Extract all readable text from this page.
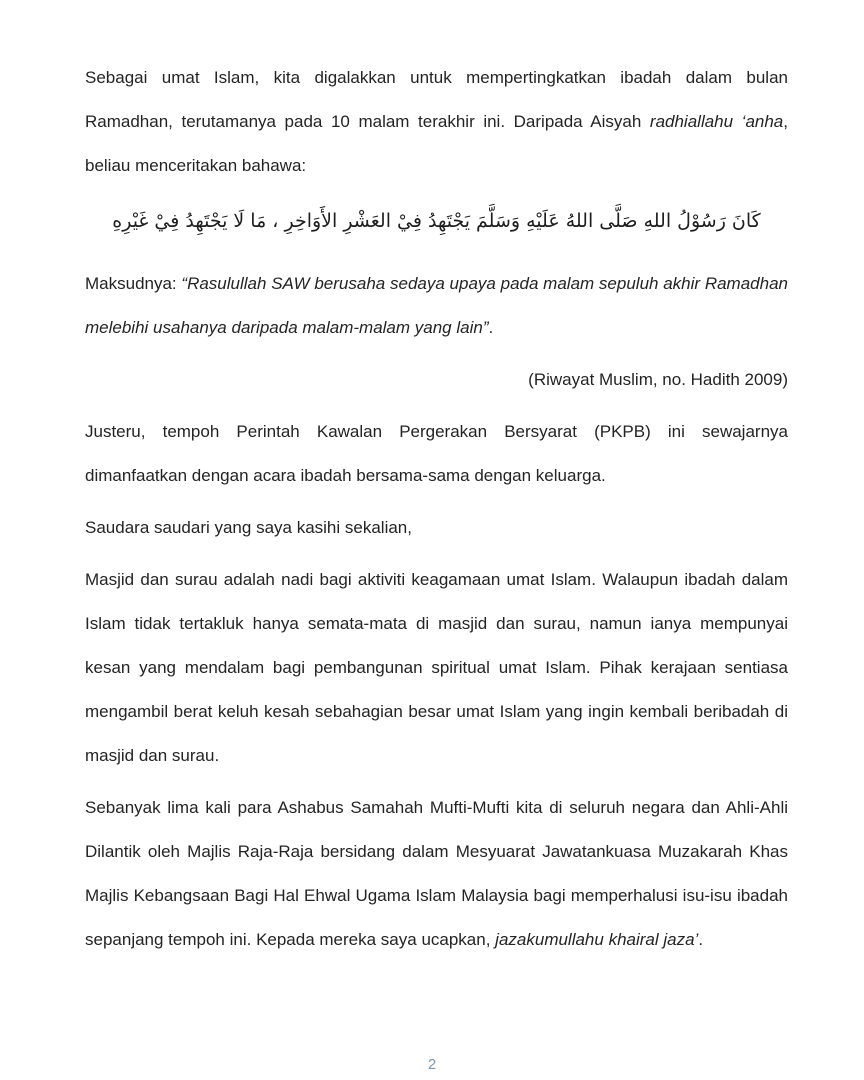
Sebagai umat Islam, kita digalakkan untuk mempertingkatkan ibadah dalam bulan Ramadhan, terutamanya pada 10 malam terakhir ini. Daripada Aisyah radhiallahu ‘anha, beliau menceritakan bahawa:

كَانَ رَسُوْلُ اللهِ صَلَّى اللهُ عَلَيْهِ وَسَلَّمَ يَجْتَهِدُ فِيْ العَشْرِ الأَوَاخِرِ ، مَا لَا يَجْتَهِدُ فِيْ غَيْرِهِ

Maksudnya: “Rasulullah SAW berusaha sedaya upaya pada malam sepuluh akhir Ramadhan melebihi usahanya daripada malam-malam yang lain”.

(Riwayat Muslim, no. Hadith 2009)

Justeru, tempoh Perintah Kawalan Pergerakan Bersyarat (PKPB) ini sewajarnya dimanfaatkan dengan acara ibadah bersama-sama dengan keluarga.

Saudara saudari yang saya kasihi sekalian,

Masjid dan surau adalah nadi bagi aktiviti keagamaan umat Islam. Walaupun ibadah dalam Islam tidak tertakluk hanya semata-mata di masjid dan surau, namun ianya mempunyai kesan yang mendalam bagi pembangunan spiritual umat Islam. Pihak kerajaan sentiasa mengambil berat keluh kesah sebahagian besar umat Islam yang ingin kembali beribadah di masjid dan surau.

Sebanyak lima kali para Ashabus Samahah Mufti-Mufti kita di seluruh negara dan Ahli-Ahli Dilantik oleh Majlis Raja-Raja bersidang dalam Mesyuarat Jawatankuasa Muzakarah Khas Majlis Kebangsaan Bagi Hal Ehwal Ugama Islam Malaysia bagi memperhalusi isu-isu ibadah sepanjang tempoh ini. Kepada mereka saya ucapkan, jazakumullahu khairal jaza’.

2
